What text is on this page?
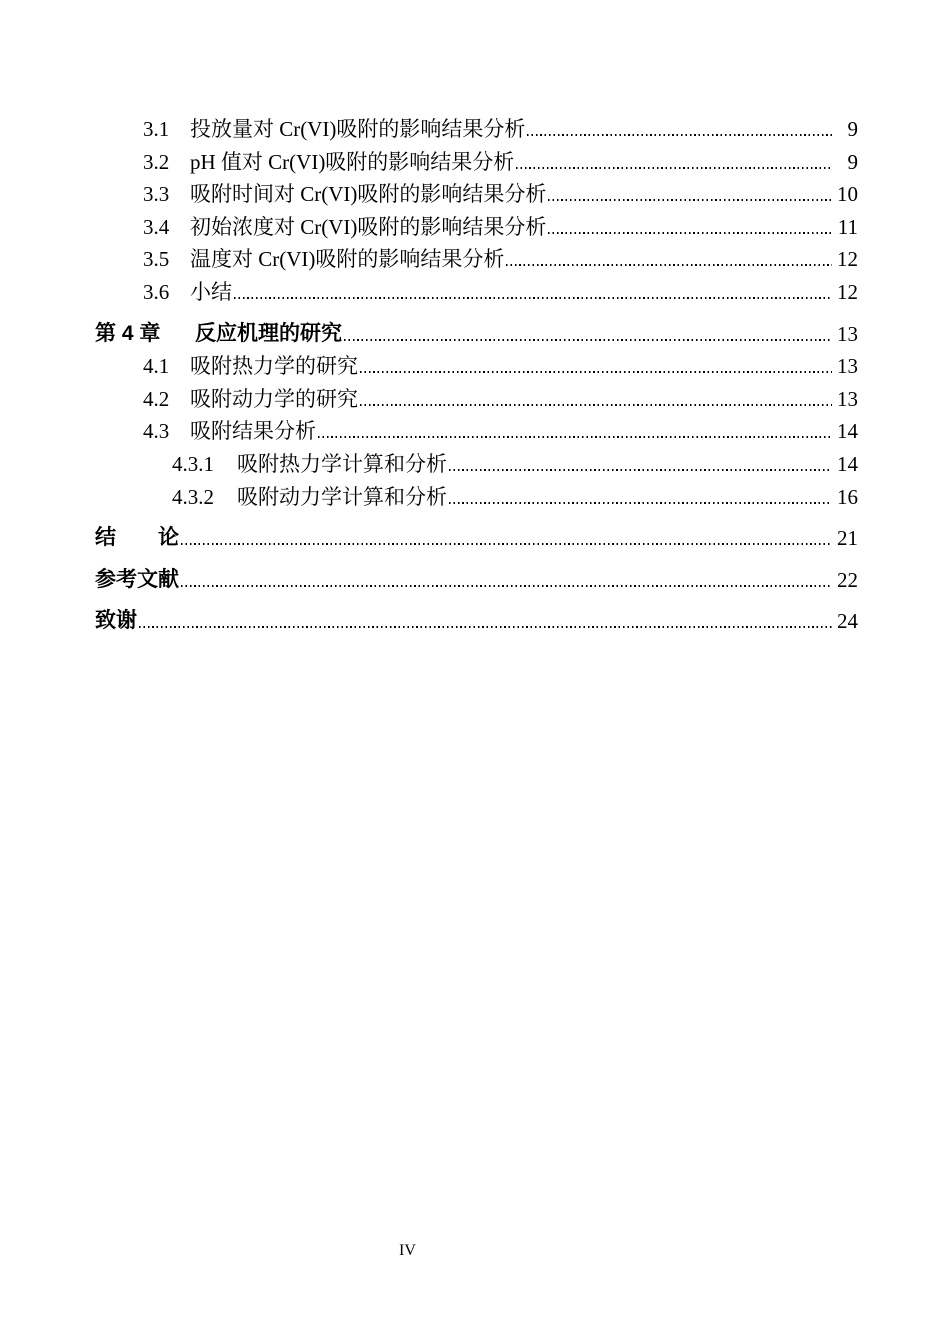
3.1 投放量对 Cr(VI)吸附的影响结果分析	9
3.2 pH 值对 Cr(VI)吸附的影响结果分析	9
3.3 吸附时间对 Cr(VI)吸附的影响结果分析	10
3.4 初始浓度对 Cr(VI)吸附的影响结果分析	11
3.5 温度对 Cr(VI)吸附的影响结果分析	12
3.6 小结	12
第 4 章	反应机理的研究	13
4.1 吸附热力学的研究	13
4.2 吸附动力学的研究	13
4.3 吸附结果分析	14
4.3.1	吸附热力学计算和分析	14
4.3.2	吸附动力学计算和分析	16
结　　论	21
参考文献	22
致谢	24
IV
